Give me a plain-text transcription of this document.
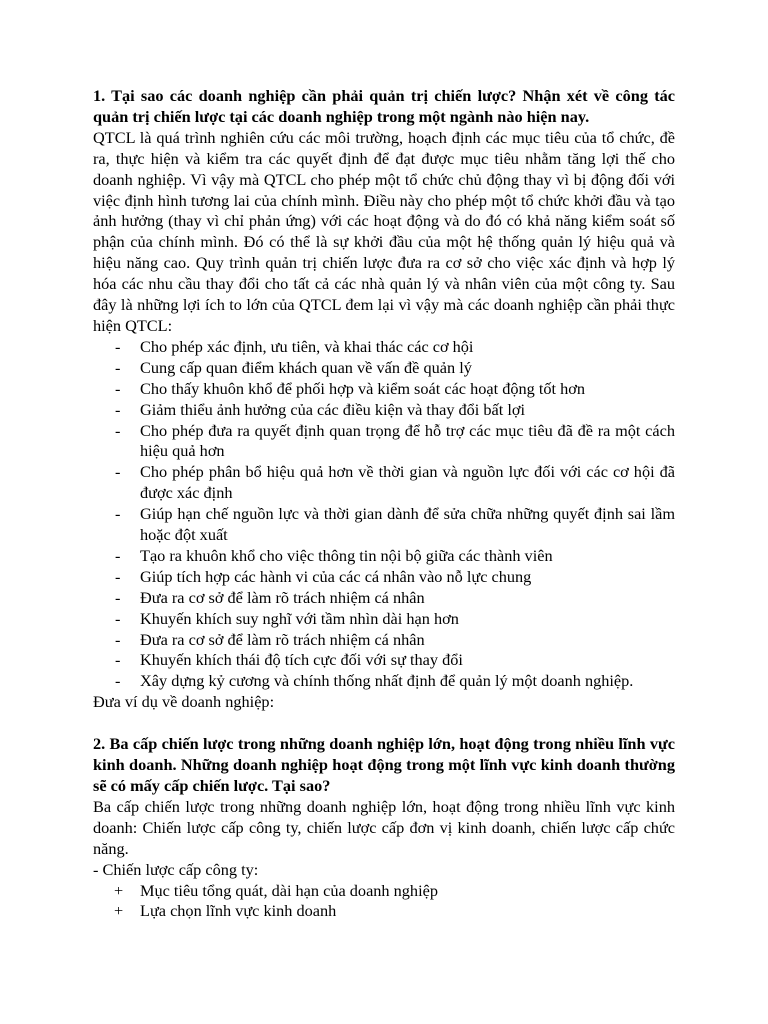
1. Tại sao các doanh nghiệp cần phải quản trị chiến lược? Nhận xét về công tác quản trị chiến lược tại các doanh nghiệp trong một ngành nào hiện nay.

QTCL là quá trình nghiên cứu các môi trường, hoạch định các mục tiêu của tổ chức, đề ra, thực hiện và kiểm tra các quyết định để đạt được mục tiêu nhằm tăng lợi thế cho doanh nghiệp. Vì vậy mà QTCL cho phép một tổ chức chủ động thay vì bị động đối với việc định hình tương lai của chính mình. Điều này cho phép một tổ chức khởi đầu và tạo ảnh hưởng (thay vì chỉ phản ứng) với các hoạt động và do đó có khả năng kiểm soát số phận của chính mình. Đó có thể là sự khởi đầu của một hệ thống quản lý hiệu quả và hiệu năng cao. Quy trình quản trị chiến lược đưa ra cơ sở cho việc xác định và hợp lý hóa các nhu cầu thay đổi cho tất cả các nhà quản lý và nhân viên của một công ty. Sau đây là những lợi ích to lớn của QTCL đem lại vì vậy mà các doanh nghiệp cần phải thực hiện QTCL:

- Cho phép xác định, ưu tiên, và khai thác các cơ hội
- Cung cấp quan điểm khách quan về vấn đề quản lý
- Cho thấy khuôn khổ để phối hợp và kiểm soát các hoạt động tốt hơn
- Giảm thiểu ảnh hưởng của các điều kiện và thay đổi bất lợi
- Cho phép đưa ra quyết định quan trọng để hỗ trợ các mục tiêu đã đề ra một cách hiệu quả hơn
- Cho phép phân bổ hiệu quả hơn về thời gian và nguồn lực đối với các cơ hội đã được xác định
- Giúp hạn chế nguồn lực và thời gian dành để sửa chữa những quyết định sai lầm hoặc đột xuất
- Tạo ra khuôn khổ cho việc thông tin nội bộ giữa các thành viên
- Giúp tích hợp các hành vi của các cá nhân vào nỗ lực chung
- Đưa ra cơ sở để làm rõ trách nhiệm cá nhân
- Khuyến khích suy nghĩ với tầm nhìn dài hạn hơn
- Đưa ra cơ sở để làm rõ trách nhiệm cá nhân
- Khuyến khích thái độ tích cực đối với sự thay đổi
- Xây dựng kỷ cương và chính thống nhất định để quản lý một doanh nghiệp.

Đưa ví dụ về doanh nghiệp:

2. Ba cấp chiến lược trong những doanh nghiệp lớn, hoạt động trong nhiều lĩnh vực kinh doanh. Những doanh nghiệp hoạt động trong một lĩnh vực kinh doanh thường sẽ có mấy cấp chiến lược. Tại sao?

Ba cấp chiến lược trong những doanh nghiệp lớn, hoạt động trong nhiều lĩnh vực kinh doanh: Chiến lược cấp công ty, chiến lược cấp đơn vị kinh doanh, chiến lược cấp chức năng.

- Chiến lược cấp công ty:

+ Mục tiêu tổng quát, dài hạn của doanh nghiệp
+ Lựa chọn lĩnh vực kinh doanh
